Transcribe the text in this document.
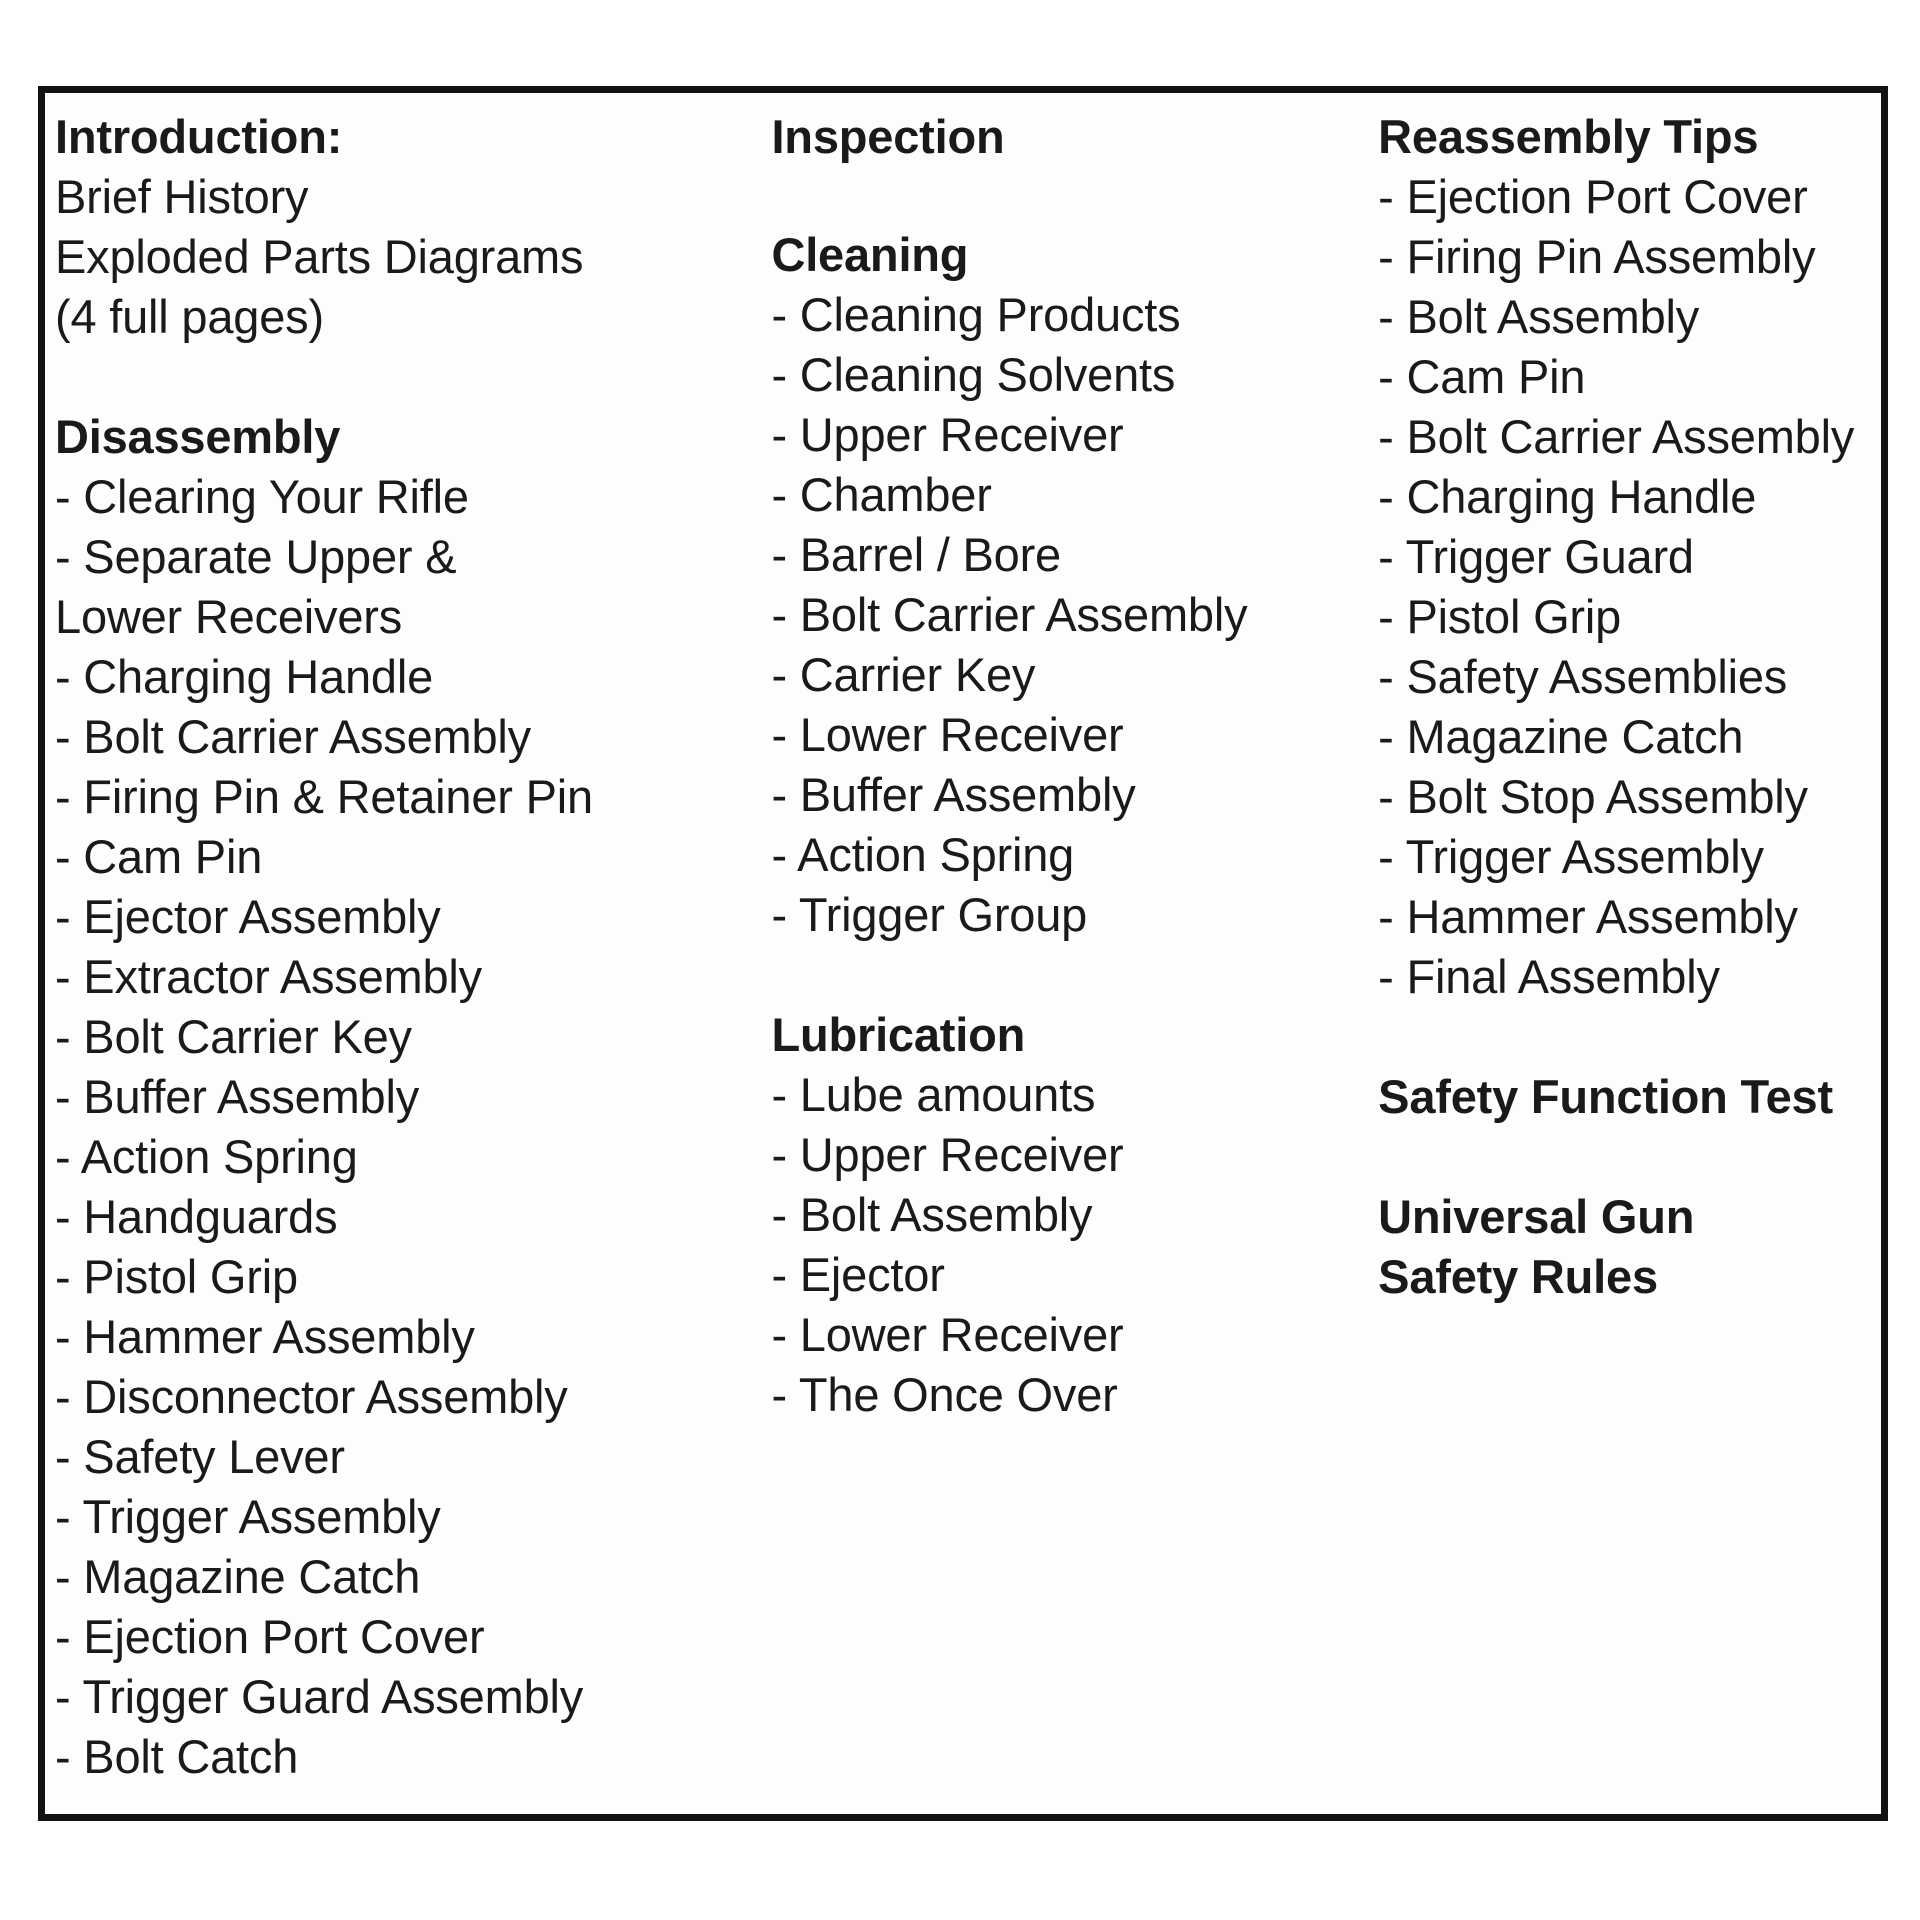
Introduction:
Brief History
Exploded Parts Diagrams
(4 full pages)
Disassembly
- Clearing Your Rifle
- Separate Upper &
Lower Receivers
- Charging Handle
- Bolt Carrier Assembly
- Firing Pin & Retainer Pin
- Cam Pin
- Ejector Assembly
- Extractor Assembly
- Bolt Carrier Key
- Buffer Assembly
- Action Spring
- Handguards
- Pistol Grip
- Hammer Assembly
- Disconnector Assembly
- Safety Lever
- Trigger Assembly
- Magazine Catch
- Ejection Port Cover
- Trigger Guard Assembly
- Bolt Catch
Inspection
Cleaning
- Cleaning Products
- Cleaning Solvents
- Upper Receiver
- Chamber
- Barrel / Bore
- Bolt Carrier Assembly
- Carrier Key
- Lower Receiver
- Buffer Assembly
- Action Spring
- Trigger Group
Lubrication
- Lube amounts
- Upper Receiver
- Bolt Assembly
- Ejector
- Lower Receiver
- The Once Over
Reassembly Tips
- Ejection Port Cover
- Firing Pin Assembly
- Bolt Assembly
- Cam Pin
- Bolt Carrier Assembly
- Charging Handle
- Trigger Guard
- Pistol Grip
- Safety Assemblies
- Magazine Catch
- Bolt Stop Assembly
- Trigger Assembly
- Hammer Assembly
- Final Assembly
Safety Function Test
Universal Gun
Safety Rules
